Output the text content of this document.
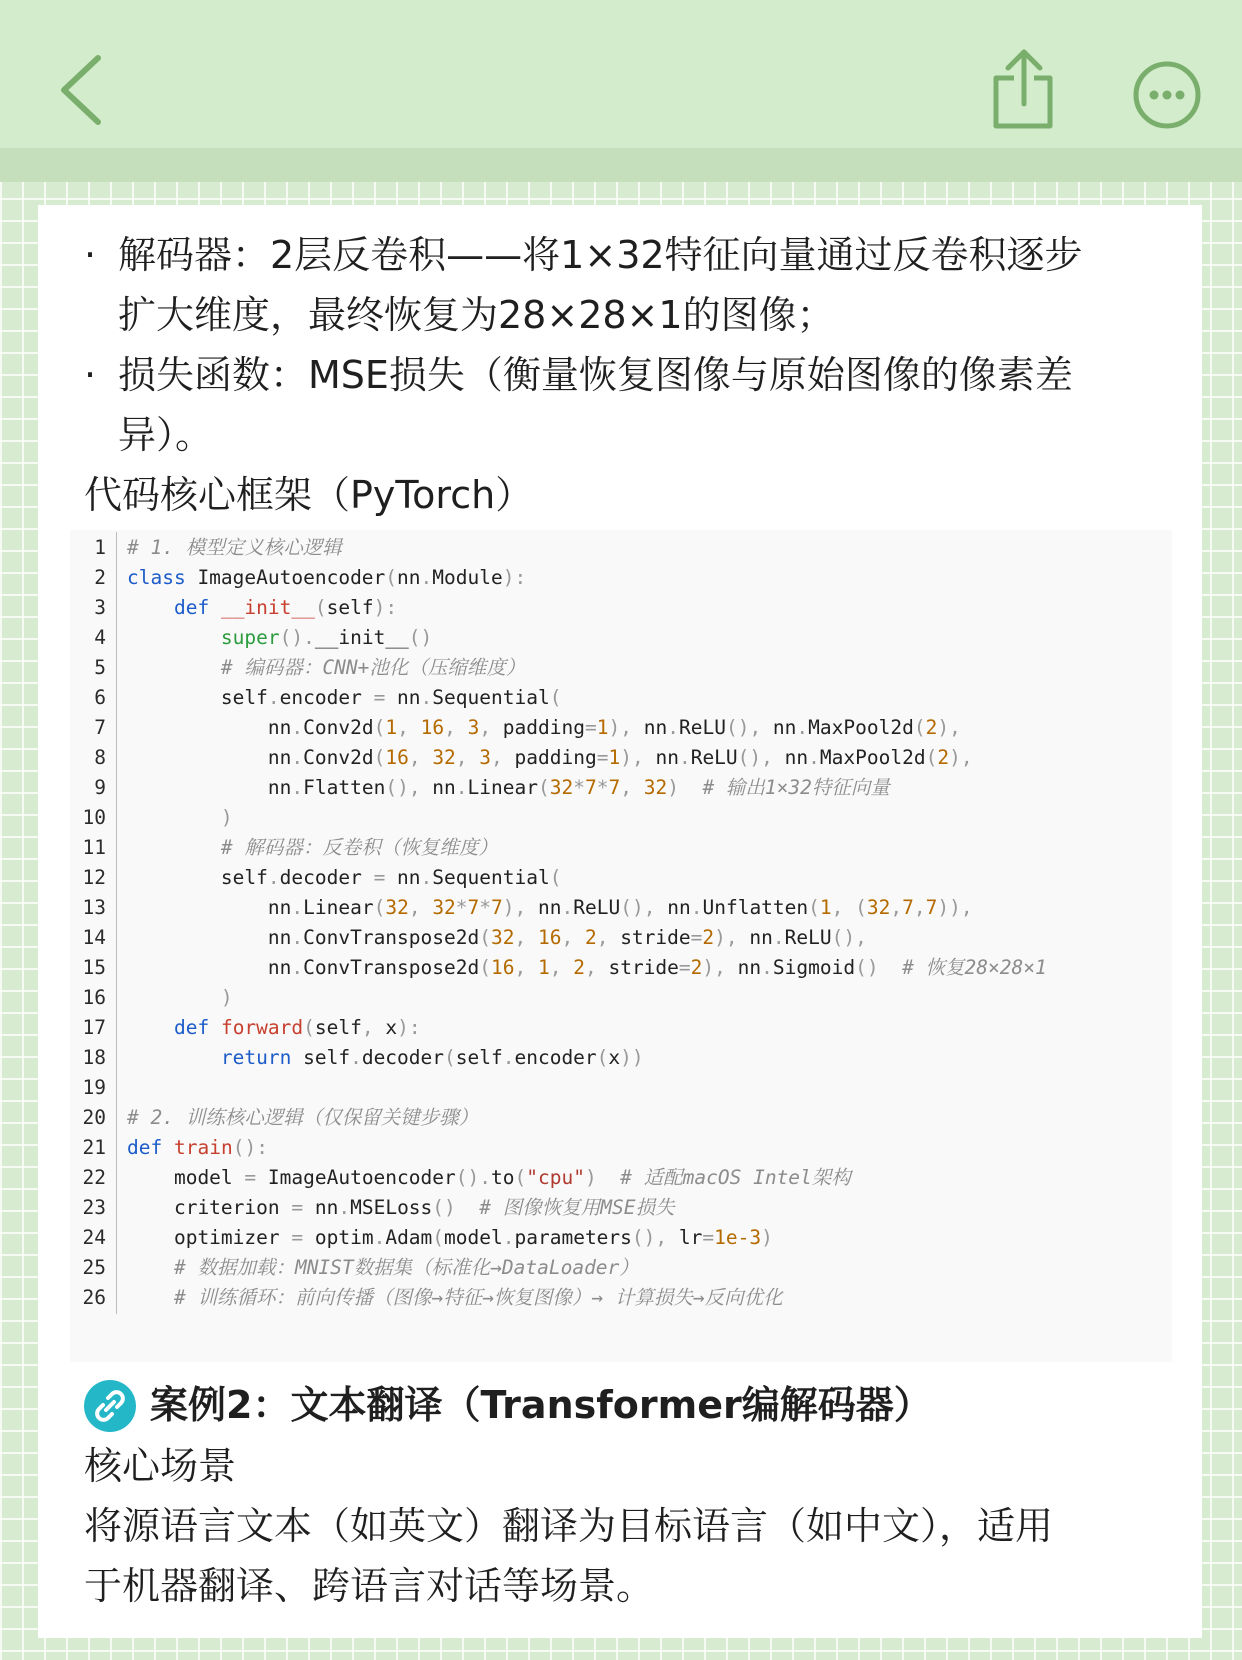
· 解码器：2层反卷积——将1×32特征向量通过反卷积逐步
扩大维度，最终恢复为28×28×1的图像；
· 损失函数：MSE损失（衡量恢复图像与原始图像的像素差
异）。
代码核心框架（PyTorch）
1 # 1. 模型定义核心逻辑
2 class ImageAutoencoder(nn.Module):
3	def __init__(self):
4	super().__init__()
5	# 编码器：CNN+池化（压缩维度）
6        self.encoder = nn.Sequential(
7            nn.Conv2d(1, 16, 3, padding=1), nn.ReLU(), nn.MaxPool2d(2),
8            nn.Conv2d(16, 32, 3, padding=1), nn.ReLU(), nn.MaxPool2d(2),
9            nn.Flatten(), nn.Linear(32*7*7, 32) # 输出1×32特征向量
10	)
11	# 解码器：反卷积（恢复维度）
12        self.decoder = nn.Sequential(
13            nn.Linear(32, 32*7*7), nn.ReLU(), nn.Unflatten(1, (32,7,7)),
14            nn.ConvTranspose2d(32, 16, 2, stride=2), nn.ReLU(),
15            nn.ConvTranspose2d(16, 1, 2, stride=2), nn.Sigmoid() # 恢复28×28×1
16	)
17	def forward(self, x):
18	return self.decoder(self.encoder(x))
19
20 # 2. 训练核心逻辑（仅保留关键步骤）
21 def train():
22    model = ImageAutoencoder().to("cpu") # 适配macOS Intel架构
23    criterion = nn.MSELoss() # 图像恢复用MSE损失
24    optimizer = optim.Adam(model.parameters(), lr=1e-3)
25	# 数据加载：MNIST数据集（标准化→DataLoader）
26	# 训练循环：前向传播（图像→特征→恢复图像）→ 计算损失→反向优化
案例2：文本翻译（Transformer编解码器）
核心场景
将源语言文本（如英文）翻译为目标语言（如中文），适用
于机器翻译、跨语言对话等场景。
